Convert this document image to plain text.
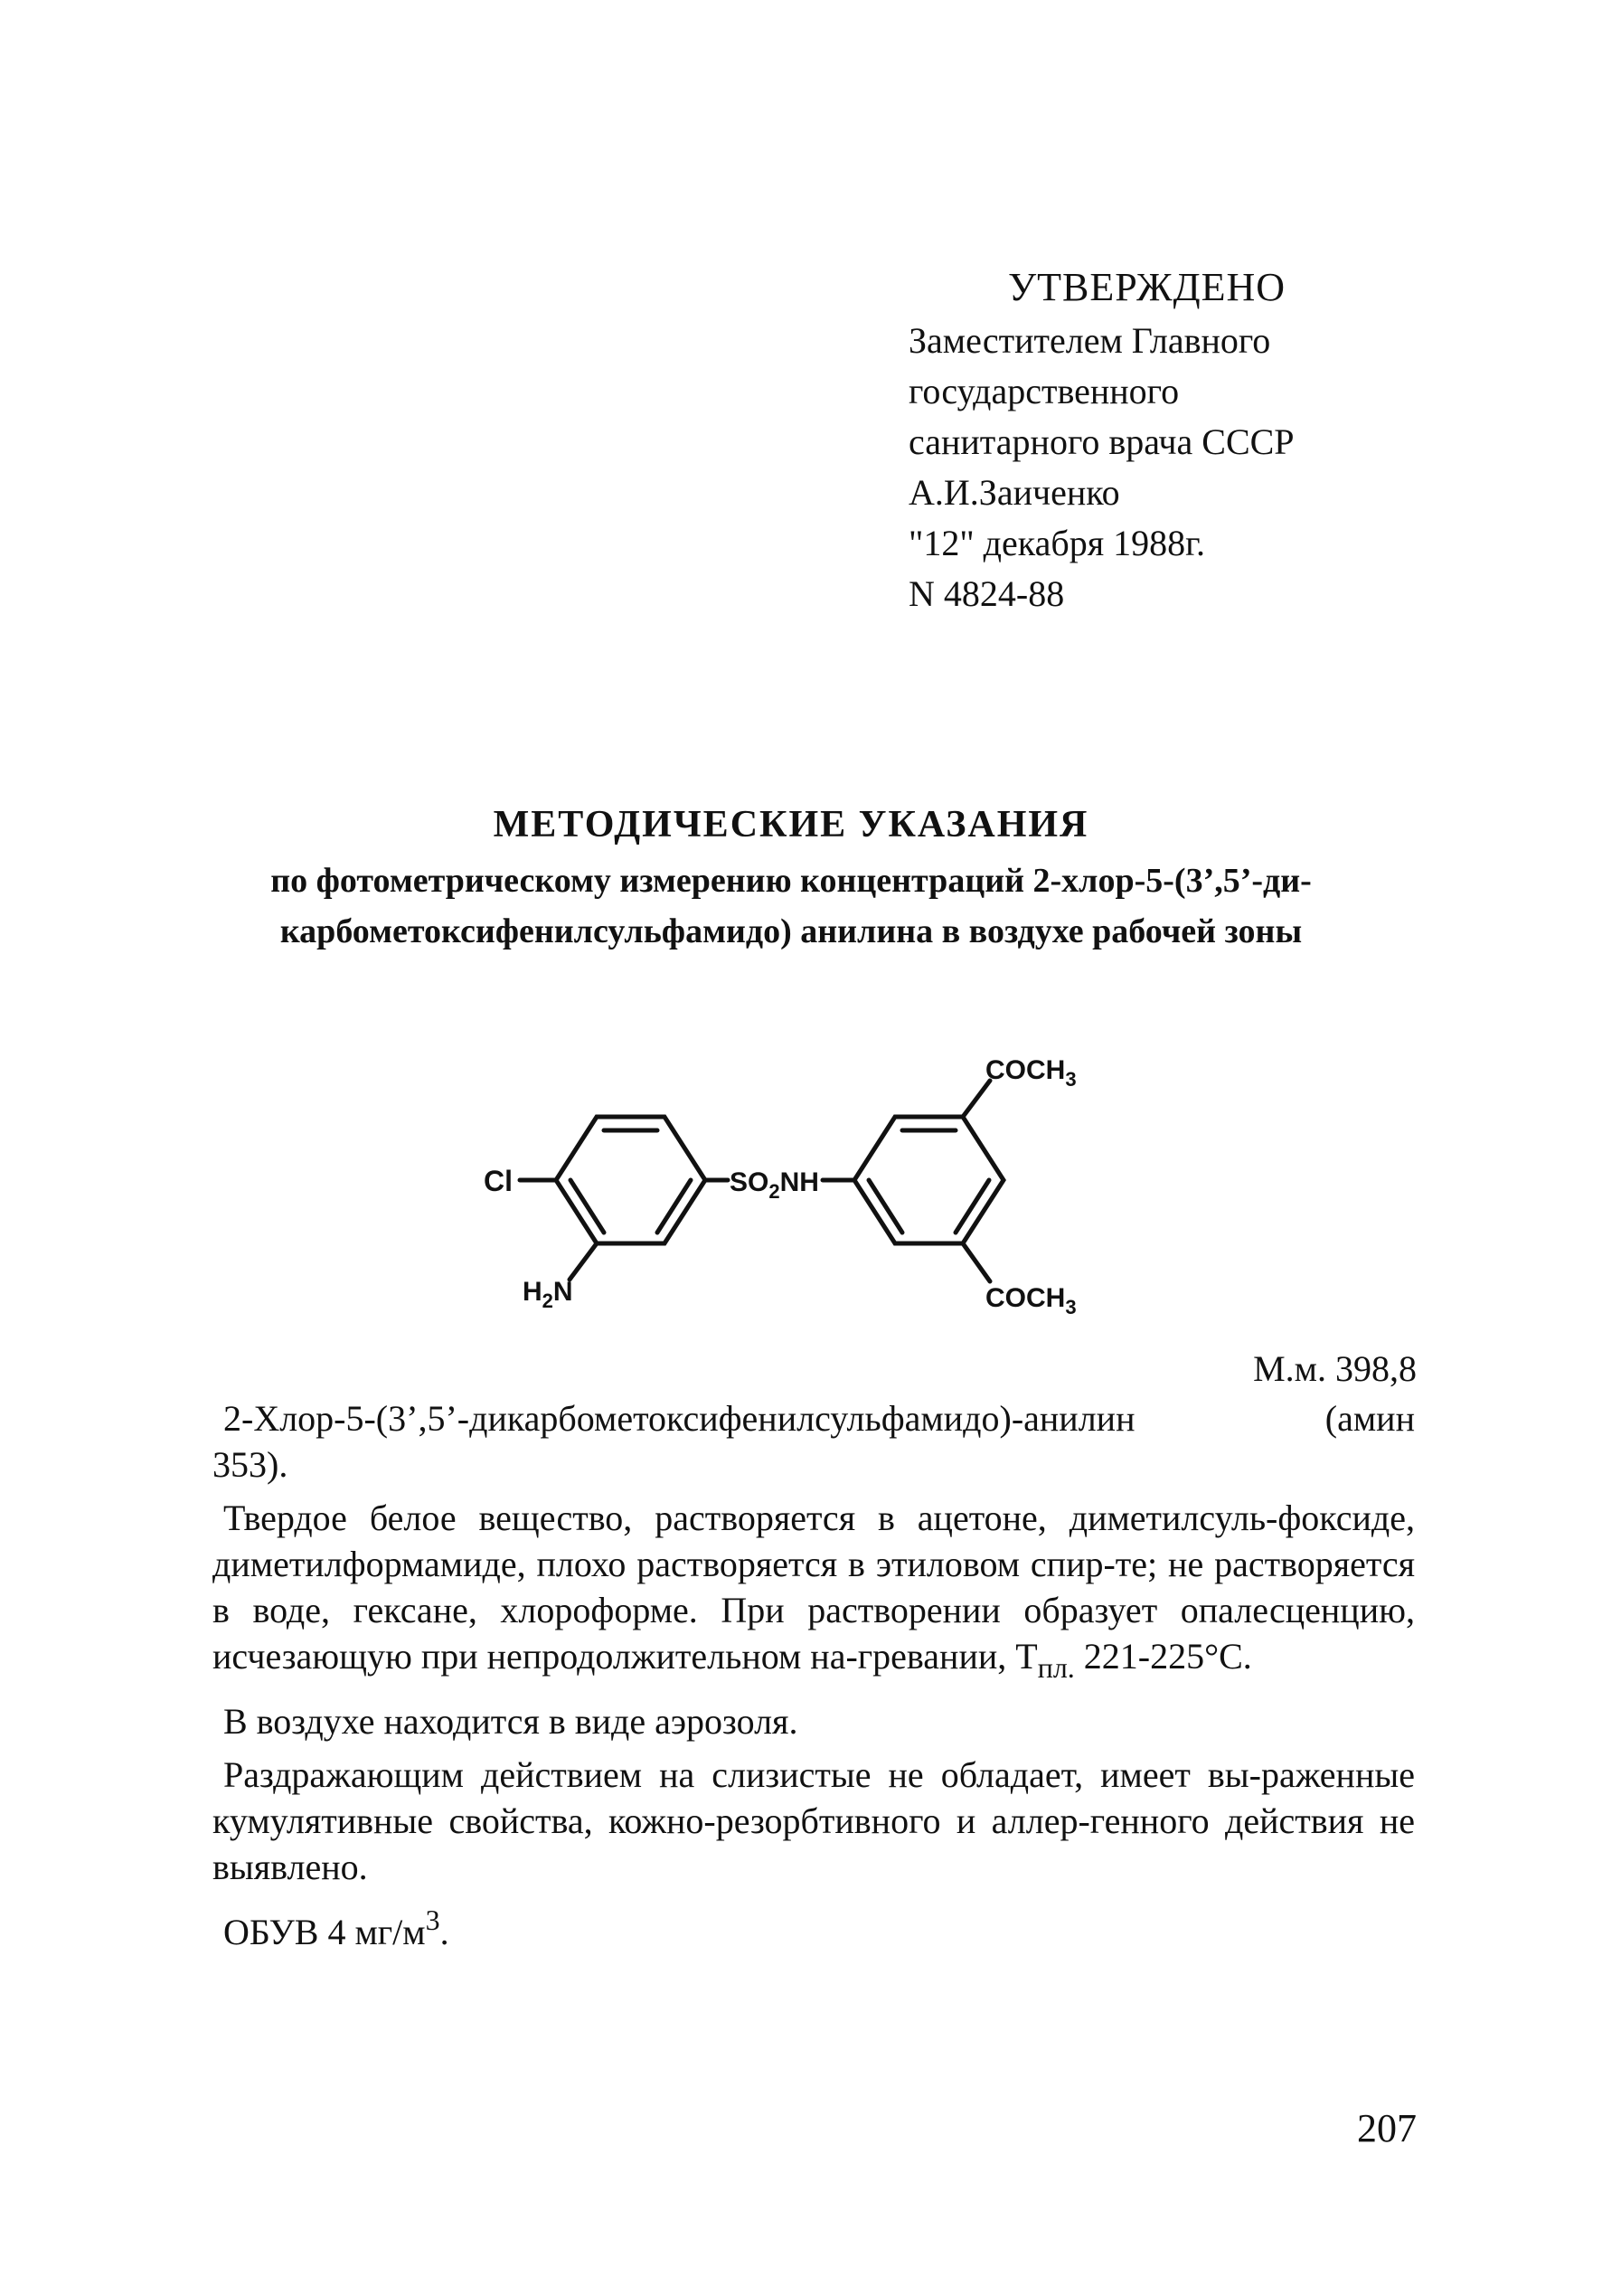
УТВЕРЖДЕНО
Заместителем Главного
государственного
санитарного врача СССР
А.И.Заиченко
"12" декабря 1988г.
N 4824-88
МЕТОДИЧЕСКИЕ УКАЗАНИЯ
по фотометрическому измерению концентраций 2-хлор-5-(3’,5’-ди-
карбометоксифенилсульфамидо) анилина в воздухе рабочей зоны
Cl	$SO_2NH$
$H_2N$
$COCH_3$
$COCH_3$
М.м. 398,8
2-Хлор-5-(3’,5’-дикарбометоксифенилсульфамидо)-анилин (амин
353).

Твердое белое вещество, растворяется в ацетоне, диметилсуль-фоксиде, диметилформамиде, плохо растворяется в этиловом спир-те; не растворяется в воде, гексане, хлороформе. При растворении образует опалесценцию, исчезающую при непродолжительном на-гревании, $Т_{пл.}$ 221-225°С.

В воздухе находится в виде аэрозоля.

Раздражающим действием на слизистые не обладает, имеет вы-раженные кумулятивные свойства, кожно-резорбтивного и аллер-генного действия не выявлено.

ОБУВ 4 $мг/м^3$.

207
